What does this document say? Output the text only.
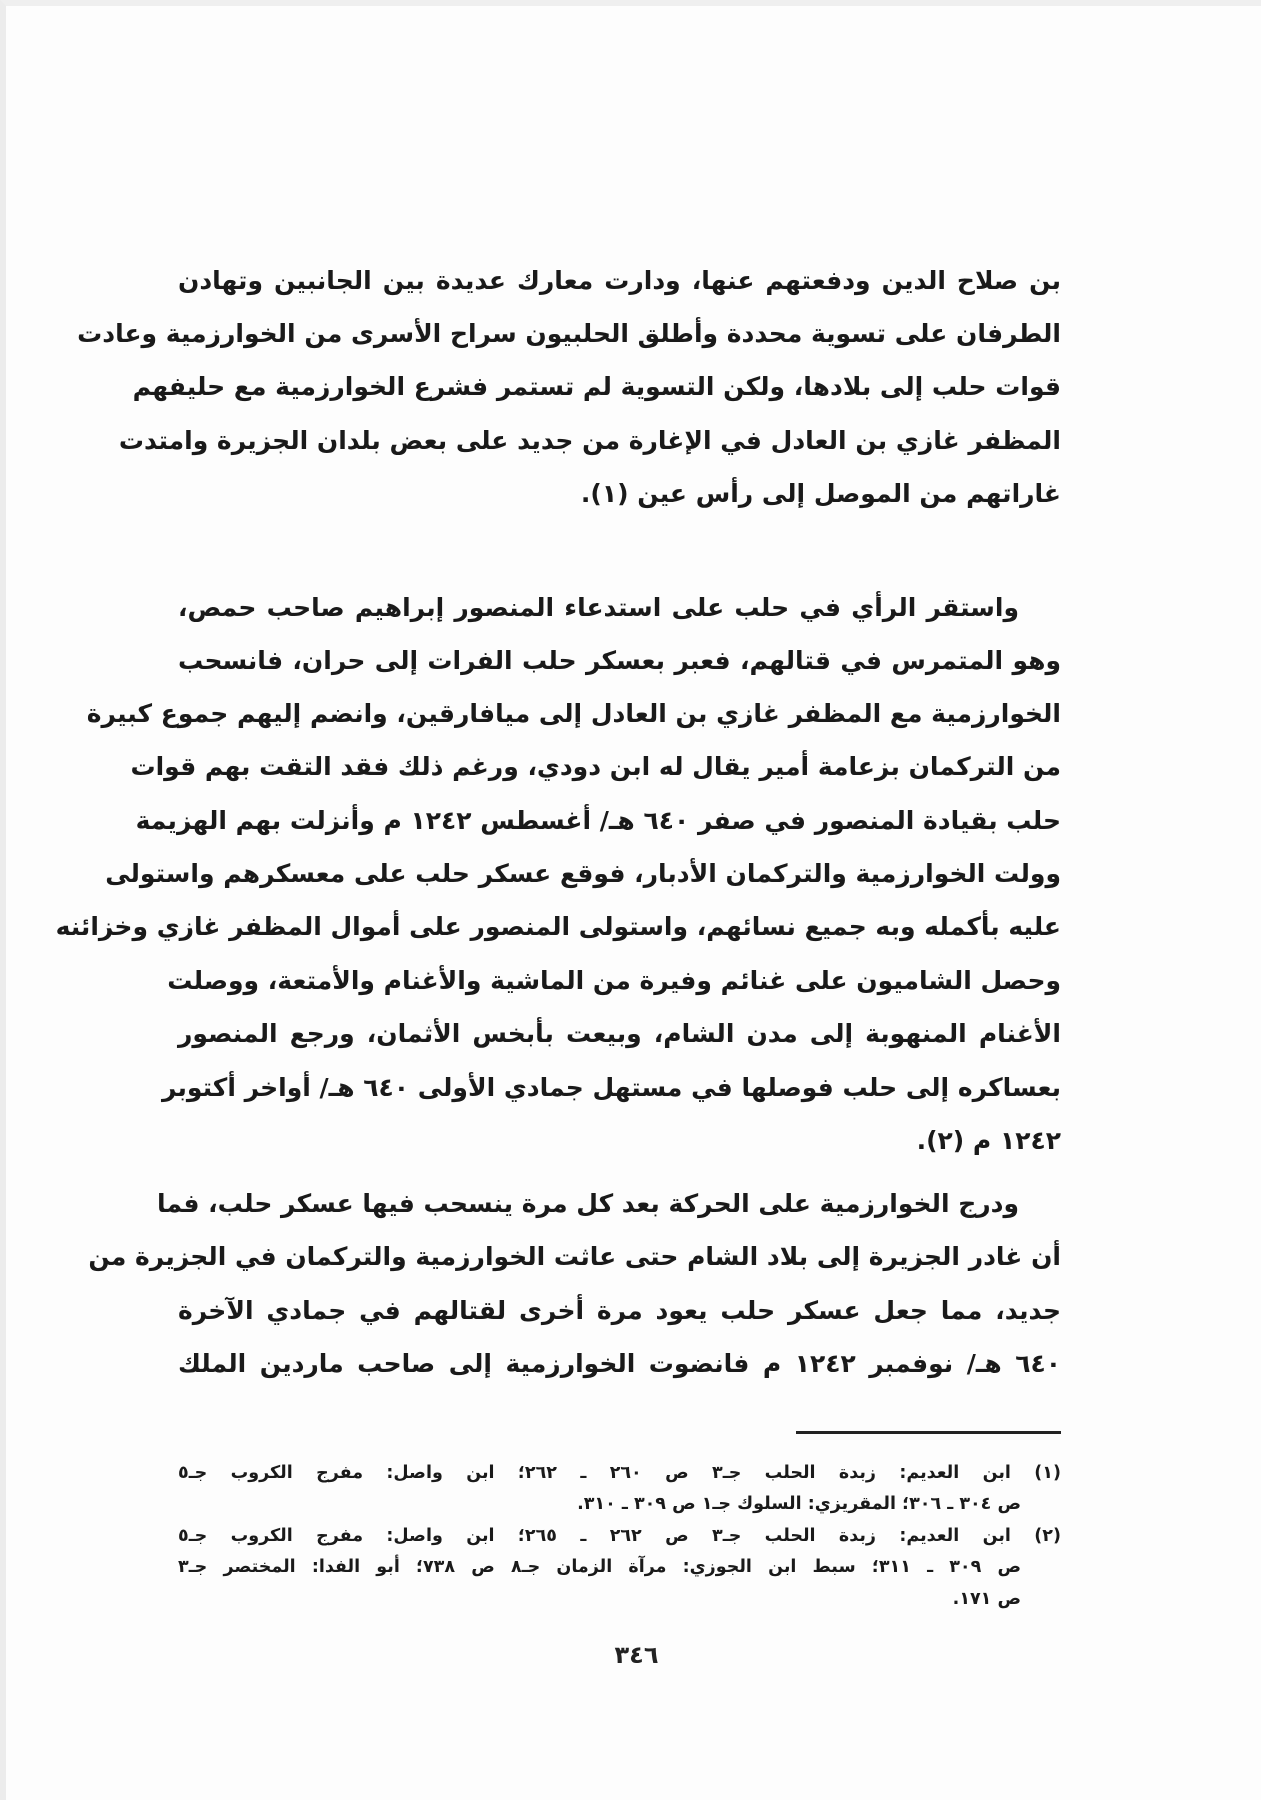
بن صلاح الدين ودفعتهم عنها، ودارت معارك عديدة بين الجانبين وتهادن
الطرفان على تسوية محددة وأطلق الحلبيون سراح الأسرى من الخوارزمية وعادت
قوات حلب إلى بلادها، ولكن التسوية لم تستمر فشرع الخوارزمية مع حليفهم
المظفر غازي بن العادل في الإغارة من جديد على بعض بلدان الجزيرة وامتدت
غاراتهم من الموصل إلى رأس عين (١).
واستقر الرأي في حلب على استدعاء المنصور إبراهيم صاحب حمص،
وهو المتمرس في قتالهم، فعبر بعسكر حلب الفرات إلى حران، فانسحب
الخوارزمية مع المظفر غازي بن العادل إلى ميافارقين، وانضم إليهم جموع كبيرة
من التركمان بزعامة أمير يقال له ابن دودي، ورغم ذلك فقد التقت بهم قوات
حلب بقيادة المنصور في صفر ٦٤٠ هـ/ أغسطس ١٢٤٢ م وأنزلت بهم الهزيمة
وولت الخوارزمية والتركمان الأدبار، فوقع عسكر حلب على معسكرهم واستولى
عليه بأكمله وبه جميع نسائهم، واستولى المنصور على أموال المظفر غازي وخزائنه
وحصل الشاميون على غنائم وفيرة من الماشية والأغنام والأمتعة، ووصلت
الأغنام المنهوبة إلى مدن الشام، وبيعت بأبخس الأثمان، ورجع المنصور
بعساكره إلى حلب فوصلها في مستهل جمادي الأولى ٦٤٠ هـ/ أواخر أكتوبر
١٢٤٢ م (٢).
ودرج الخوارزمية على الحركة بعد كل مرة ينسحب فيها عسكر حلب، فما
أن غادر الجزيرة إلى بلاد الشام حتى عاثت الخوارزمية والتركمان في الجزيرة من
جديد، مما جعل عسكر حلب يعود مرة أخرى لقتالهم في جمادي الآخرة
٦٤٠ هـ/ نوفمبر ١٢٤٢ م فانضوت الخوارزمية إلى صاحب ماردين الملك
(١) ابن العديم: زبدة الحلب جـ٣ ص ٢٦٠ ـ ٢٦٢؛ ابن واصل: مفرج الكروب جـ٥
ص ٣٠٤ ـ ٣٠٦؛ المقريزي: السلوك جـ١ ص ٣٠٩ ـ ٣١٠.
(٢) ابن العديم: زبدة الحلب جـ٣ ص ٢٦٢ ـ ٢٦٥؛ ابن واصل: مفرج الكروب جـ٥
ص ٣٠٩ ـ ٣١١؛ سبط ابن الجوزي: مرآة الزمان جـ٨ ص ٧٣٨؛ أبو الفدا: المختصر جـ٣
ص ١٧١.
٣٤٦
